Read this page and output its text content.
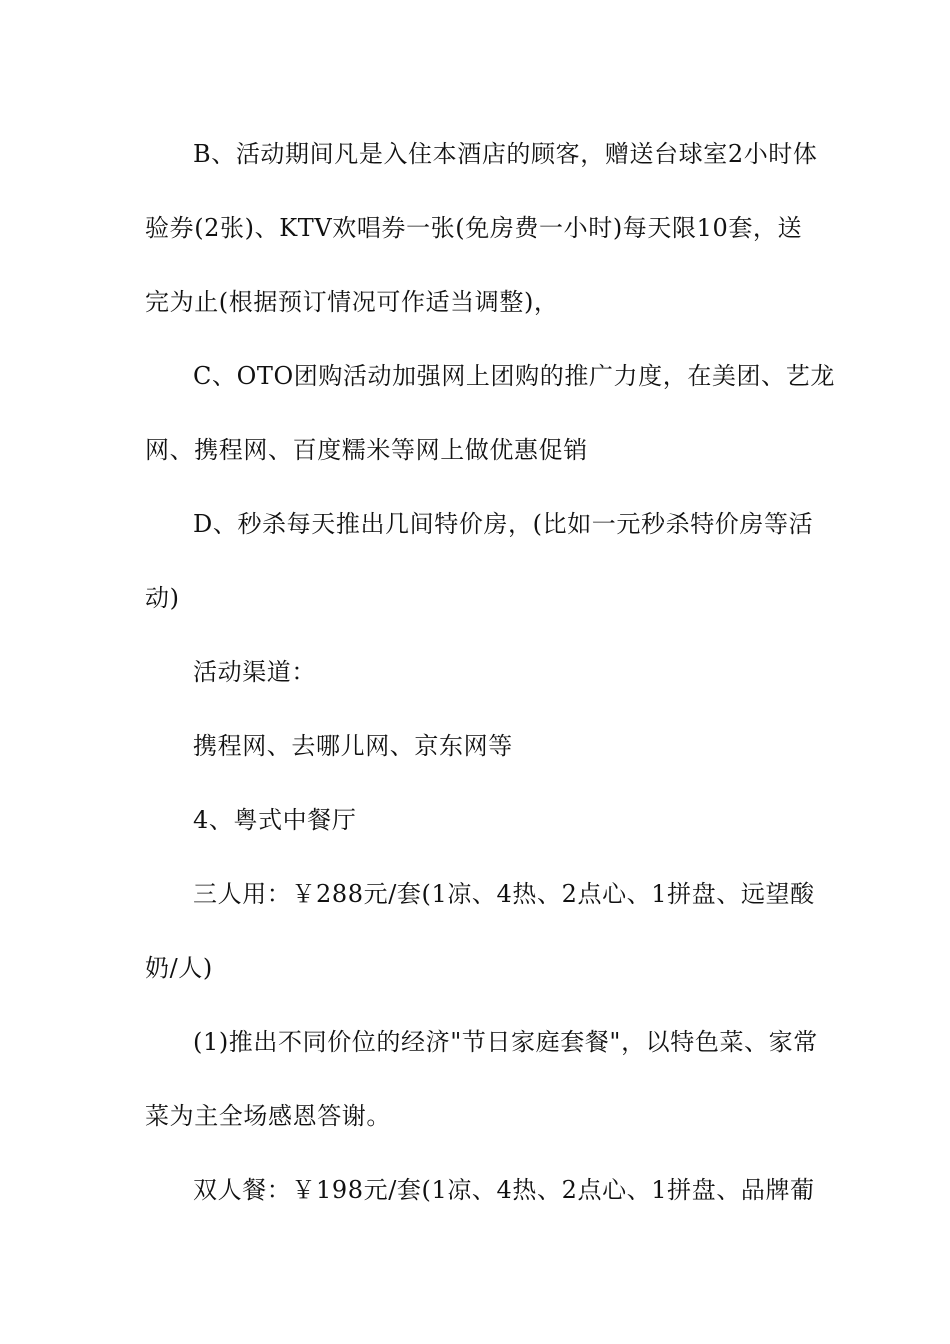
B、活动期间凡是入住本酒店的顾客，赠送台球室2小时体
验券(2张)、KTV欢唱券一张(免房费一小时)每天限10套，送
完为止(根据预订情况可作适当调整)，
C、OTO团购活动加强网上团购的推广力度，在美团、艺龙
网、携程网、百度糯米等网上做优惠促销
D、秒杀每天推出几间特价房，(比如一元秒杀特价房等活
动)
活动渠道：
携程网、去哪儿网、京东网等
4、粤式中餐厅
三人用：￥288元/套(1凉、4热、2点心、1拼盘、远望酸
奶/人)
(1)推出不同价位的经济"节日家庭套餐"，以特色菜、家常
菜为主全场感恩答谢。
双人餐：￥198元/套(1凉、4热、2点心、1拼盘、品牌葡
